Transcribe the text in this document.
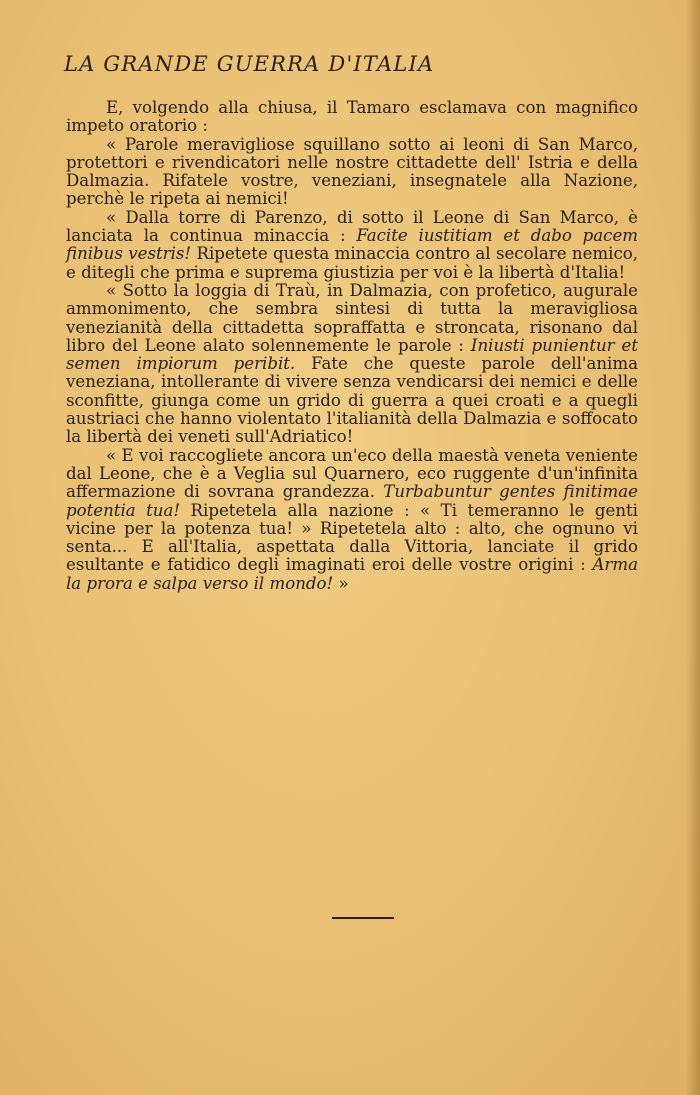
LA GRANDE GUERRA D'ITALIA

E, volgendo alla chiusa, il Tamaro esclamava con magnifico impeto oratorio :

« Parole meravigliose squillano sotto ai leoni di San Marco, protettori e rivendicatori nelle nostre cittadette dell' Istria e della Dalmazia. Rifatele vostre, veneziani, insegnatele alla Nazione, perchè le ripeta ai nemici!

« Dalla torre di Parenzo, di sotto il Leone di San Marco, è lanciata la continua minaccia : Facite iustitiam et dabo pacem finibus vestris! Ripetete questa minaccia contro al secolare nemico, e ditegli che prima e suprema giustizia per voi è la libertà d'Italia!

« Sotto la loggia di Traù, in Dalmazia, con profetico, augurale ammonimento, che sembra sintesi di tutta la meravigliosa venezianità della cittadetta sopraffatta e stroncata, risonano dal libro del Leone alato solennemente le parole : Iniusti punientur et semen impiorum peribit. Fate che queste parole dell'anima veneziana, intollerante di vivere senza vendicarsi dei nemici e delle sconfitte, giunga come un grido di guerra a quei croati e a quegli austriaci che hanno violentato l'italianità della Dalmazia e soffocato la libertà dei veneti sull'Adriatico!

« E voi raccogliete ancora un'eco della maestà veneta veniente dal Leone, che è a Veglia sul Quarnero, eco ruggente d'un'infinita affermazione di sovrana grandezza. Turbabuntur gentes finitimae potentia tua! Ripetetela alla nazione : « Ti temeranno le genti vicine per la potenza tua! » Ripetetela alto : alto, che ognuno vi senta... E all'Italia, aspettata dalla Vittoria, lanciate il grido esultante e fatidico degli imaginati eroi delle vostre origini : Arma la prora e salpa verso il mondo! »
